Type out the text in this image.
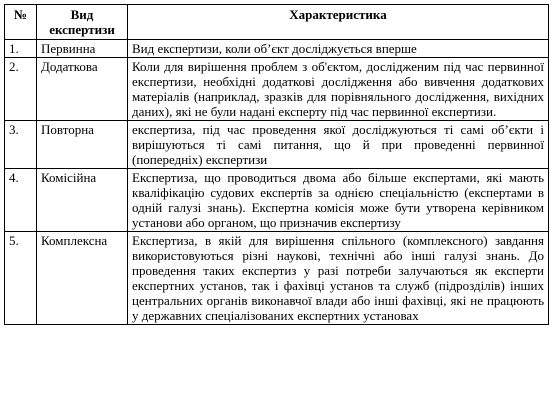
№	Вид експертизи	Характеристика
1.	Первинна	Вид експертизи, коли об’єкт досліджується вперше
2.	Додаткова	Коли для вирішення проблем з об'єктом, дослідженим під час первинної експертизи, необхідні додаткові дослідження або вивчення додаткових матеріалів (наприклад, зразків для порівняльного дослідження, вихідних даних), які не були надані експерту під час первинної експертизи.
3.	Повторна	експертиза, під час проведення якої досліджуються ті самі об’єкти і вирішуються ті самі питання, що й при проведенні первинної (попередніх) експертизи
4.	Комісійна	Експертиза, що проводиться двома або більше експертами, які мають кваліфікацію судових експертів за однією спеціальністю (експертами в одній галузі знань). Експертна комісія може бути утворена керівником установи або органом, що призначив експертизу
5.	Комплексна	Експертиза, в якій для вирішення спільного (комплексного) завдання використовуються різні наукові, технічні або інші галузі знань. До проведення таких експертиз у разі потреби залучаються як експерти експертних установ, так і фахівці установ та служб (підрозділів) інших центральних органів виконавчої влади або інші фахівці, які не працюють у державних спеціалізованих експертних установах
